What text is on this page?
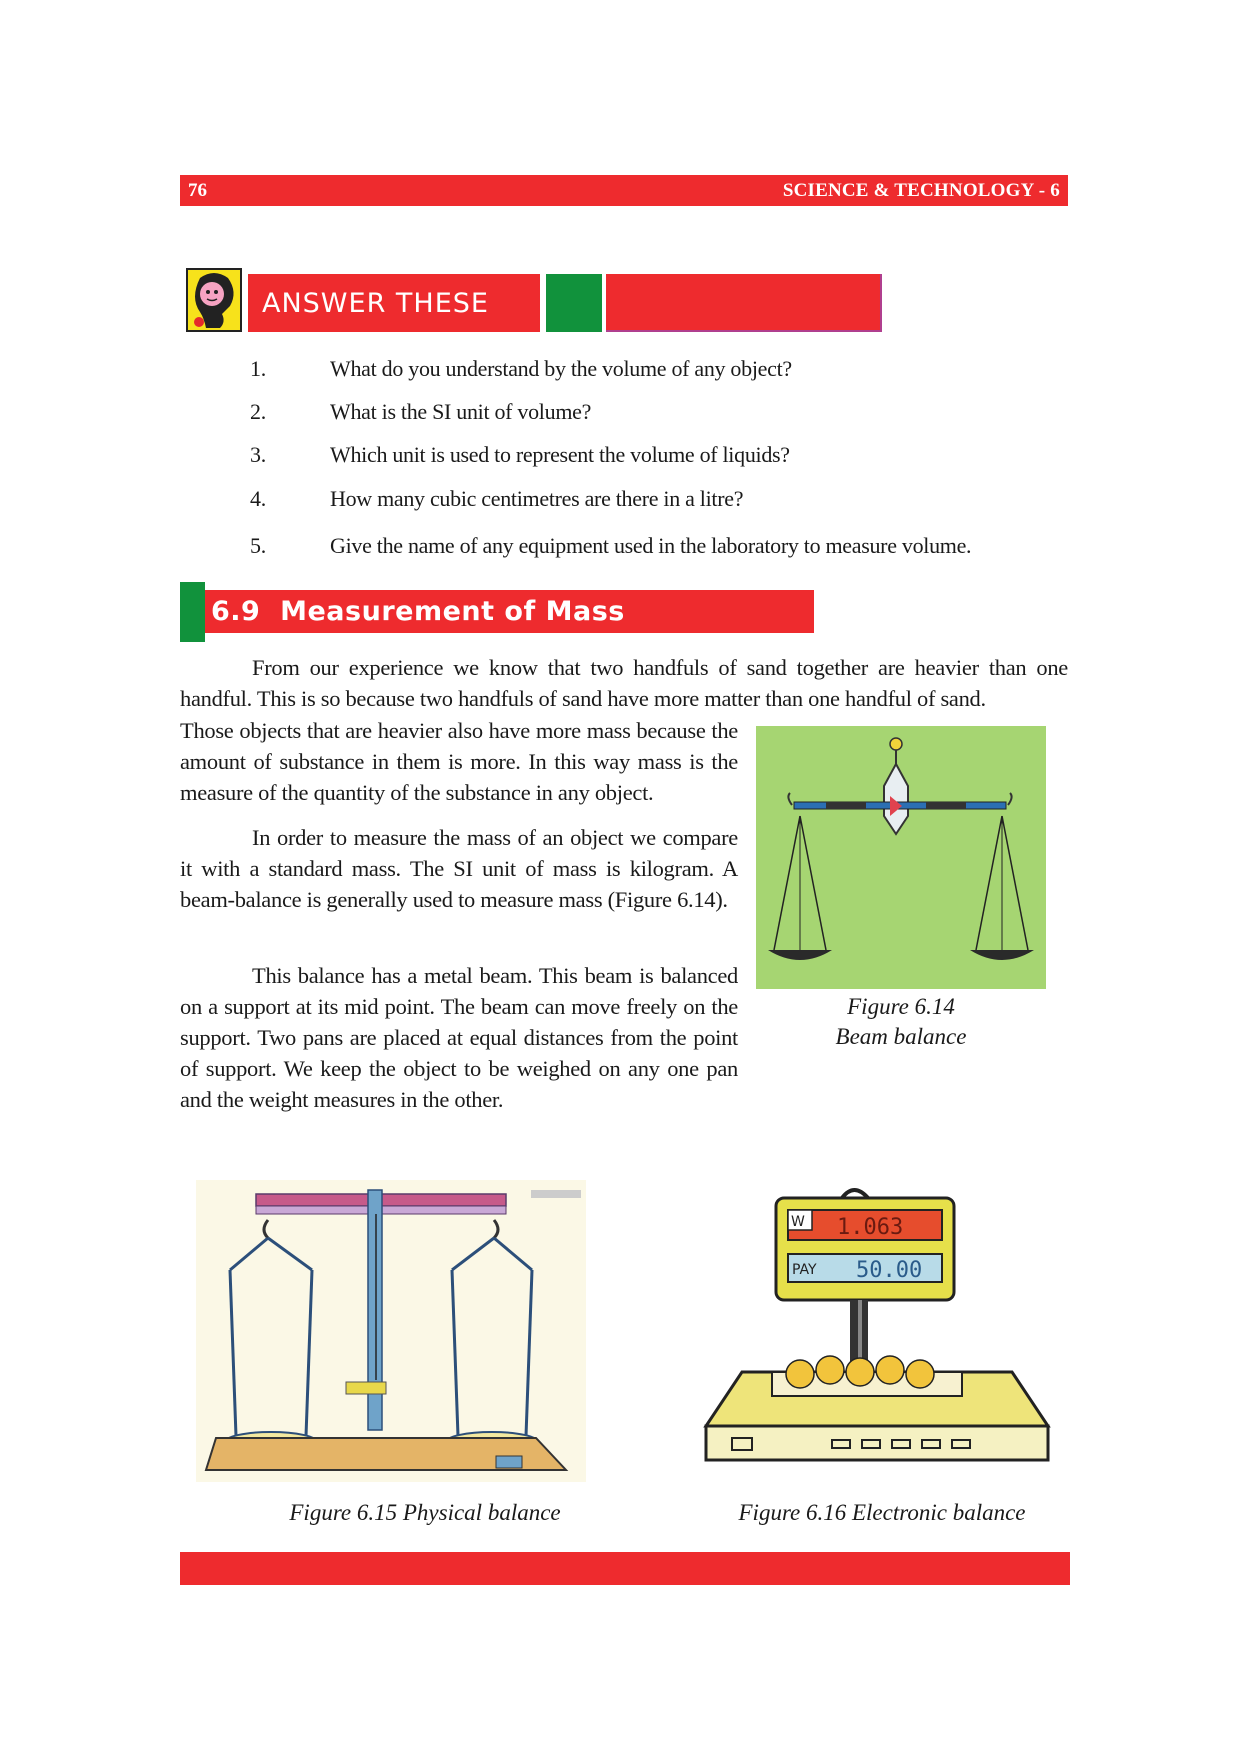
76	SCIENCE & TECHNOLOGY - 6
ANSWER THESE
1.	What do you understand by the volume of any object?
2.	What is the SI unit of volume?
3.	Which unit is used to represent the volume of liquids?
4.	How many cubic centimetres are there in a litre?
5.	Give the name of any equipment used in the laboratory to measure volume.
6.9  Measurement of Mass

From our experience we know that two handfuls of sand together are heavier than one handful. This is so because two handfuls of sand have more matter than one handful of sand.

Those objects that are heavier also have more mass because the amount of substance in them is more. In this way mass is the measure of the quantity of the substance in any object.

In order to measure the mass of an object we compare it with a standard mass. The SI unit of mass is kilogram. A beam-balance is generally used to measure mass (Figure 6.14).

This balance has a metal beam. This beam is balanced on a support at its mid point. The beam can move freely on the support. Two pans are placed at equal distances from the point of support. We keep the object to be weighed on any one pan and the weight measures in the other.

Figure 6.14
Beam balance
Figure 6.15 Physical balance
W 1.063
PAY 50.00
Figure 6.16 Electronic balance
